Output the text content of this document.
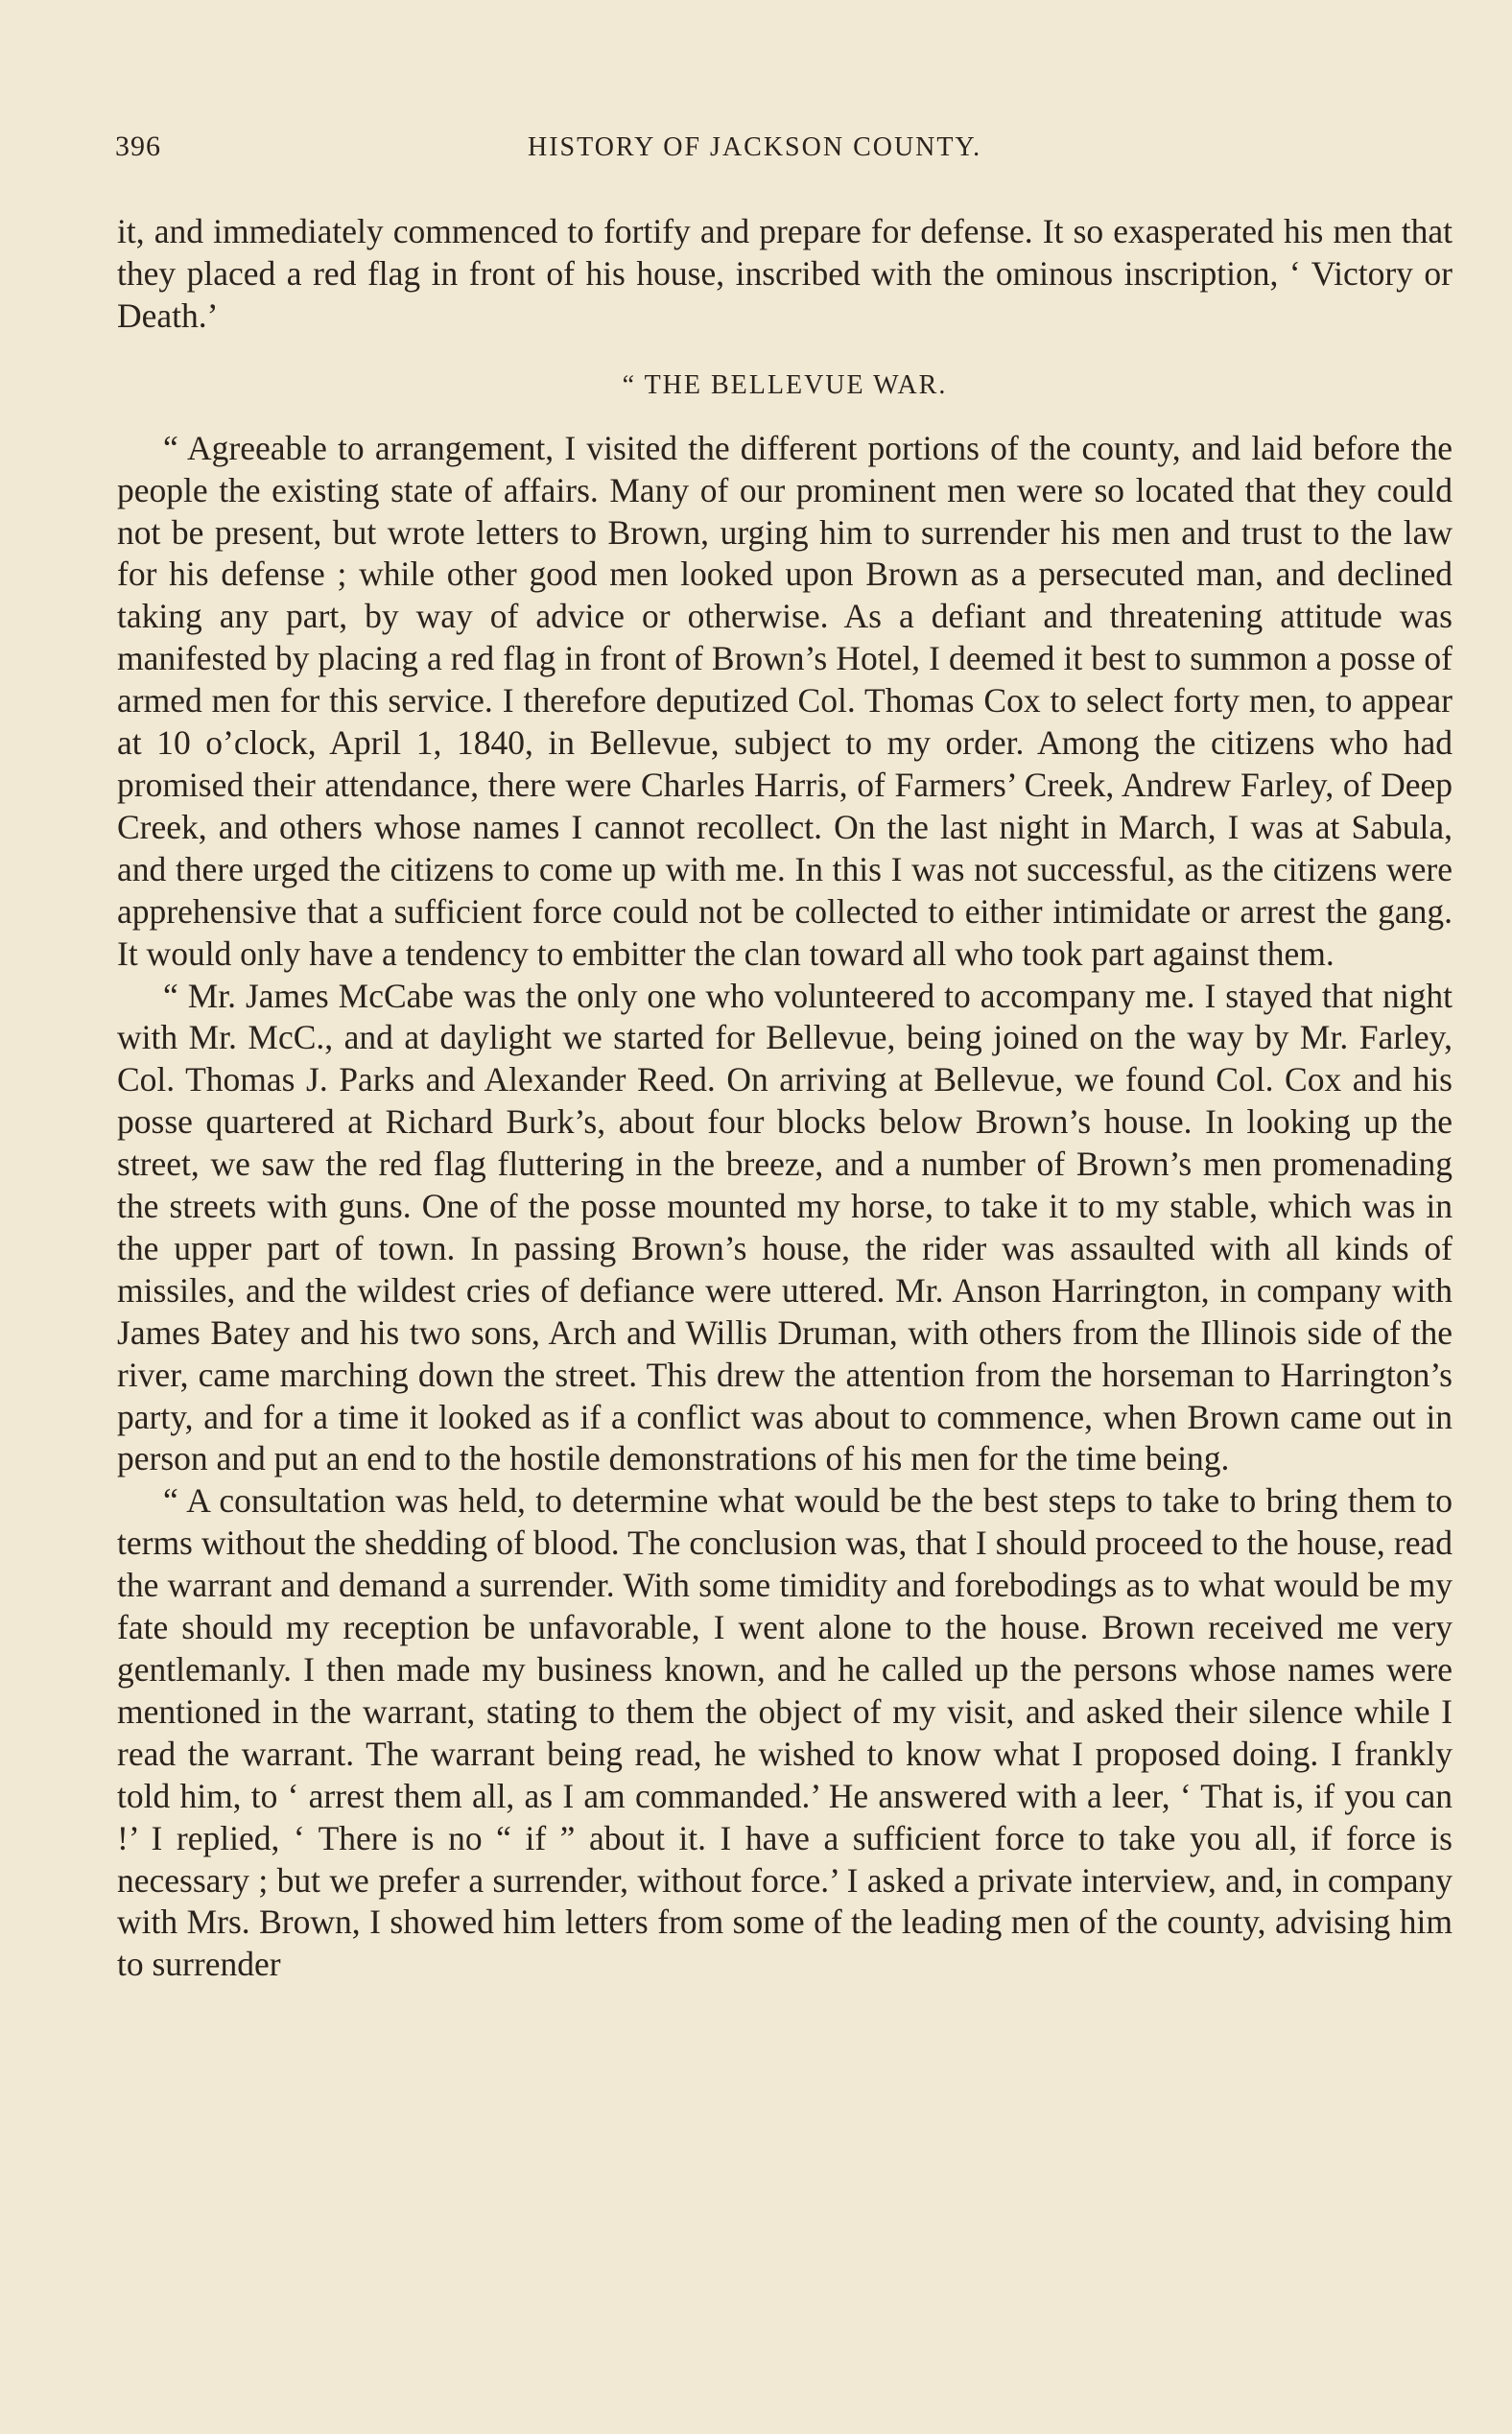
396	HISTORY OF JACKSON COUNTY.

it, and immediately commenced to fortify and prepare for defense. It so exasperated his men that they placed a red flag in front of his house, inscribed with the ominous inscription, ‘ Victory or Death.’

“ THE BELLEVUE WAR.

“ Agreeable to arrangement, I visited the different portions of the county, and laid before the people the existing state of affairs. Many of our prominent men were so located that they could not be present, but wrote letters to Brown, urging him to surrender his men and trust to the law for his defense ; while other good men looked upon Brown as a persecuted man, and declined taking any part, by way of advice or otherwise. As a defiant and threatening attitude was manifested by placing a red flag in front of Brown’s Hotel, I deemed it best to summon a posse of armed men for this service. I therefore deputized Col. Thomas Cox to select forty men, to appear at 10 o’clock, April 1, 1840, in Bellevue, subject to my order. Among the citizens who had promised their attendance, there were Charles Harris, of Farmers’ Creek, Andrew Farley, of Deep Creek, and others whose names I cannot recollect. On the last night in March, I was at Sabula, and there urged the citizens to come up with me. In this I was not successful, as the citizens were apprehensive that a sufficient force could not be collected to either intimidate or arrest the gang. It would only have a tendency to embitter the clan toward all who took part against them.

“ Mr. James McCabe was the only one who volunteered to accompany me. I stayed that night with Mr. McC., and at daylight we started for Bellevue, being joined on the way by Mr. Farley, Col. Thomas J. Parks and Alexander Reed. On arriving at Bellevue, we found Col. Cox and his posse quartered at Richard Burk’s, about four blocks below Brown’s house. In looking up the street, we saw the red flag fluttering in the breeze, and a number of Brown’s men promenading the streets with guns. One of the posse mounted my horse, to take it to my stable, which was in the upper part of town. In passing Brown’s house, the rider was assaulted with all kinds of missiles, and the wildest cries of defiance were uttered. Mr. Anson Harrington, in company with James Batey and his two sons, Arch and Willis Druman, with others from the Illinois side of the river, came marching down the street. This drew the attention from the horseman to Harrington’s party, and for a time it looked as if a conflict was about to commence, when Brown came out in person and put an end to the hostile demonstrations of his men for the time being.

“ A consultation was held, to determine what would be the best steps to take to bring them to terms without the shedding of blood. The conclusion was, that I should proceed to the house, read the warrant and demand a surrender. With some timidity and forebodings as to what would be my fate should my reception be unfavorable, I went alone to the house. Brown received me very gentlemanly. I then made my business known, and he called up the persons whose names were mentioned in the warrant, stating to them the object of my visit, and asked their silence while I read the warrant. The warrant being read, he wished to know what I proposed doing. I frankly told him, to ‘ arrest them all, as I am commanded.’ He answered with a leer, ‘ That is, if you can !’ I replied, ‘ There is no “ if ” about it. I have a sufficient force to take you all, if force is necessary ; but we prefer a surrender, without force.’ I asked a private interview, and, in company with Mrs. Brown, I showed him letters from some of the leading men of the county, advising him to surrender
